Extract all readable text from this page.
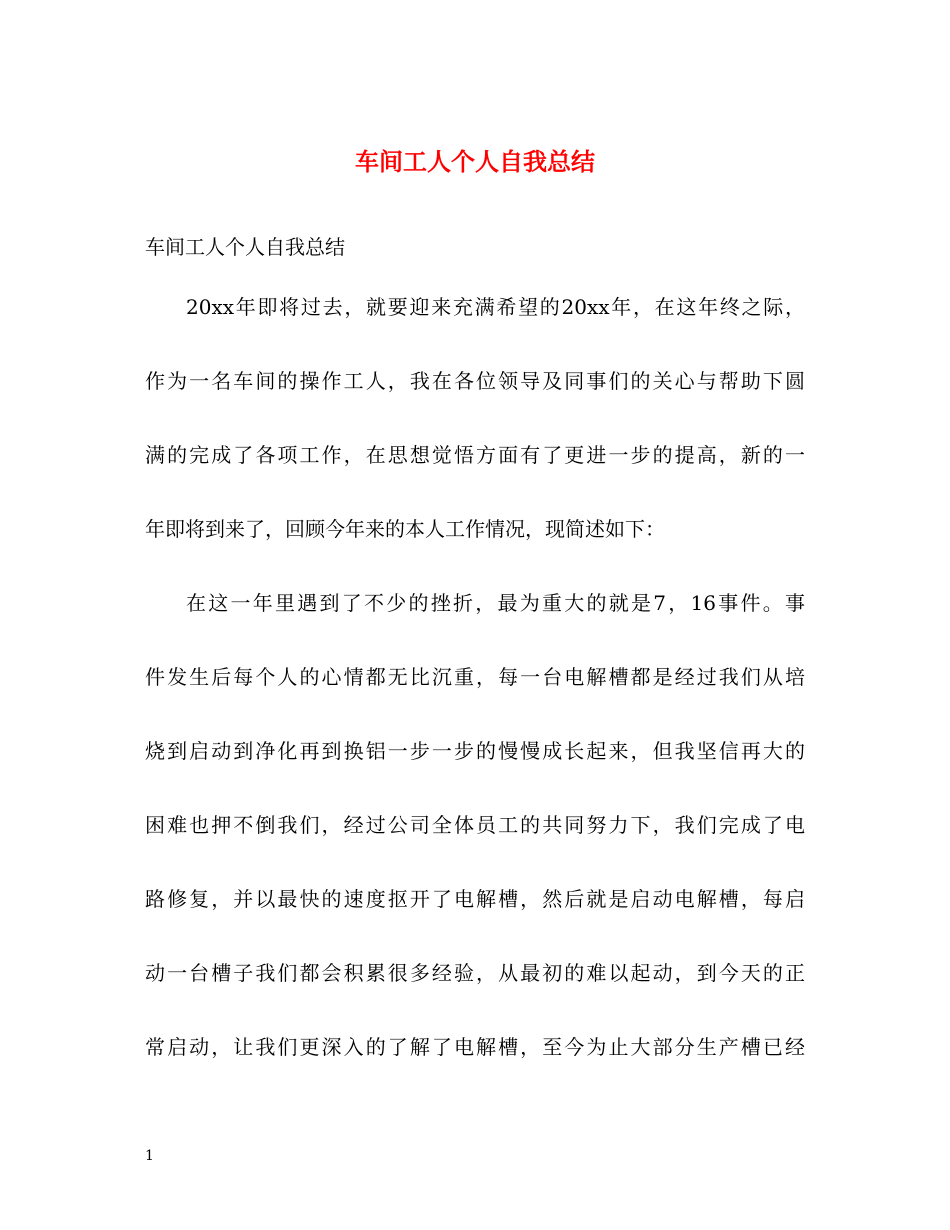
车间工人个人自我总结

车间工人个人自我总结

20xx年即将过去，就要迎来充满希望的20xx年，在这年终之际，

作为一名车间的操作工人，我在各位领导及同事们的关心与帮助下圆

满的完成了各项工作，在思想觉悟方面有了更进一步的提高，新的一

年即将到来了，回顾今年来的本人工作情况，现简述如下：

在这一年里遇到了不少的挫折，最为重大的就是7，16事件。事

件发生后每个人的心情都无比沉重，每一台电解槽都是经过我们从培

烧到启动到净化再到换铝一步一步的慢慢成长起来，但我坚信再大的

困难也押不倒我们，经过公司全体员工的共同努力下，我们完成了电

路修复，并以最快的速度抠开了电解槽，然后就是启动电解槽，每启

动一台槽子我们都会积累很多经验，从最初的难以起动，到今天的正

常启动，让我们更深入的了解了电解槽，至今为止大部分生产槽已经

1
